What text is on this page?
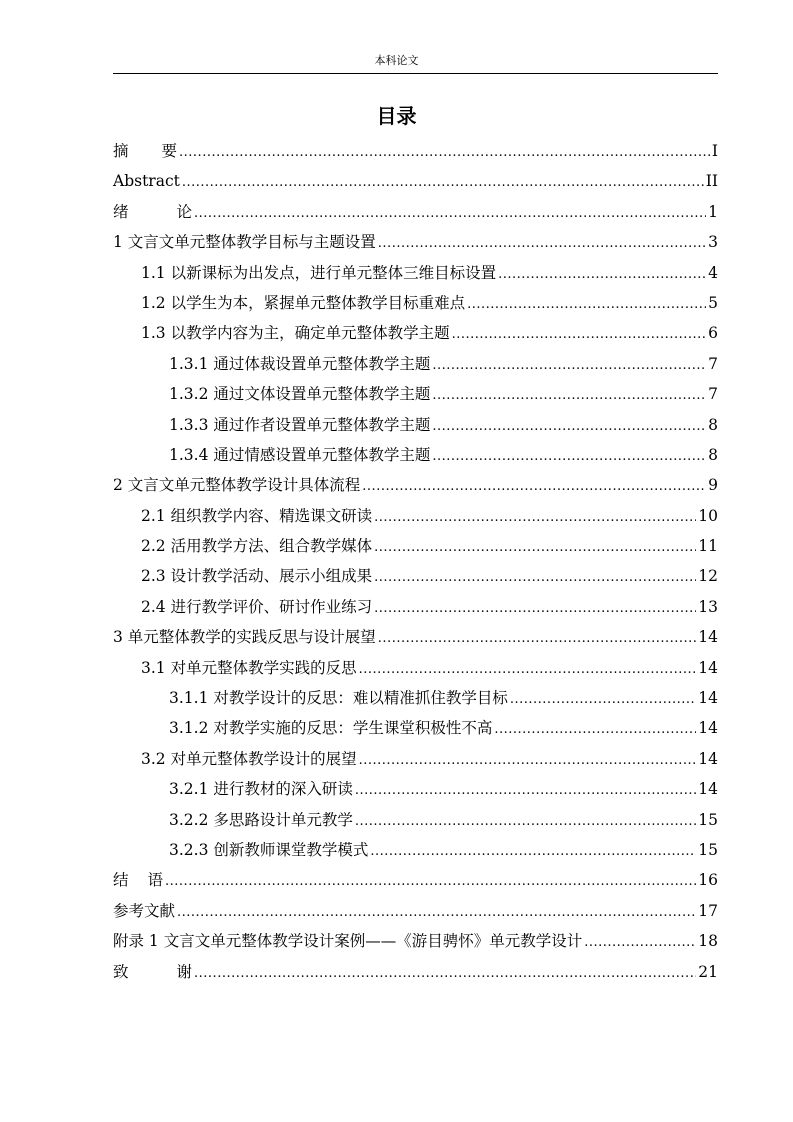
本科论文
目录
摘要 .....	I
Abstract .....	II
绪论 .....	1
1 文言文单元整体教学目标与主题设置 .....	3
1.1 以新课标为出发点，进行单元整体三维目标设置 .....	4
1.2 以学生为本，紧握单元整体教学目标重难点 .....	5
1.3 以教学内容为主，确定单元整体教学主题 .....	6
1.3.1 通过体裁设置单元整体教学主题 .....	7
1.3.2 通过文体设置单元整体教学主题 .....	7
1.3.3 通过作者设置单元整体教学主题 .....	8
1.3.4 通过情感设置单元整体教学主题 .....	8
2 文言文单元整体教学设计具体流程 .....	9
2.1 组织教学内容、精选课文研读 .....	10
2.2 活用教学方法、组合教学媒体 .....	11
2.3 设计教学活动、展示小组成果 .....	12
2.4 进行教学评价、研讨作业练习 .....	13
3 单元整体教学的实践反思与设计展望 .....	14
3.1 对单元整体教学实践的反思 .....	14
3.1.1 对教学设计的反思：难以精准抓住教学目标 .....	14
3.1.2 对教学实施的反思：学生课堂积极性不高 .....	14
3.2 对单元整体教学设计的展望 .....	14
3.2.1 进行教材的深入研读 .....	14
3.2.2 多思路设计单元教学 .....	15
3.2.3 创新教师课堂教学模式 .....	15
结语 .....	16
参考文献 .....	17
附录 1 文言文单元整体教学设计案例——《游目骋怀》单元教学设计 .....	18
致谢 .....	21
